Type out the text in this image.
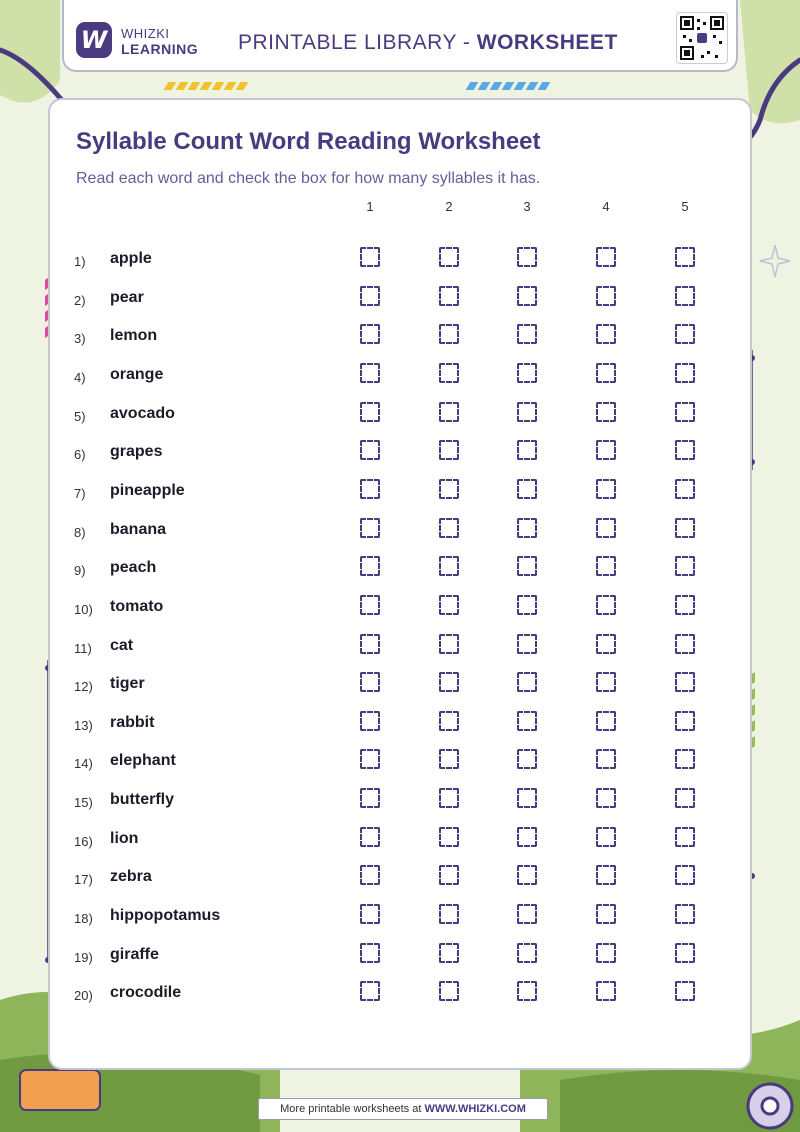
W WHIZKI
LEARNING PRINTABLE LIBRARY - WORKSHEET
Syllable Count Word Reading Worksheet
Read each word and check the box for how many syllables it has.
1	2	3	4	5
1) apple
2) pear
3) lemon
4) orange
5) avocado
6) grapes
7) pineapple
8) banana
9) peach
10) tomato
11) cat
12) tiger
13) rabbit
14) elephant
15) butterfly
16) lion
17) zebra
18) hippopotamus
19) giraffe
20) crocodile
More printable worksheets at WWW.WHIZKI.COM
